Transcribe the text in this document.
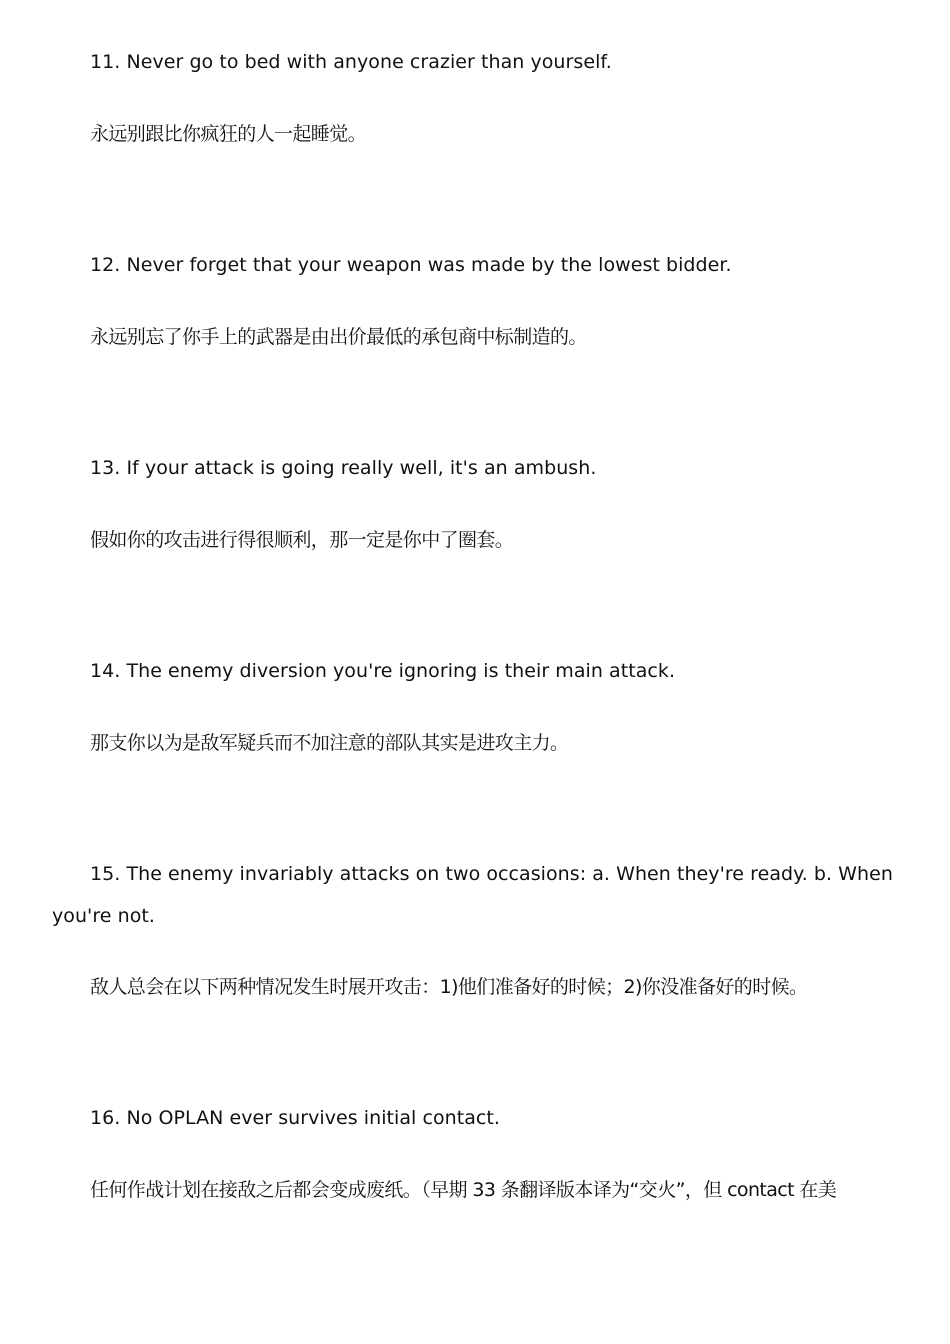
11. Never go to bed with anyone crazier than yourself.

永远别跟比你疯狂的人一起睡觉。

12. Never forget that your weapon was made by the lowest bidder.

永远别忘了你手上的武器是由出价最低的承包商中标制造的。

13. If your attack is going really well, it's an ambush.

假如你的攻击进行得很顺利，那一定是你中了圈套。

14. The enemy diversion you're ignoring is their main attack.

那支你以为是敌军疑兵而不加注意的部队其实是进攻主力。

15. The enemy invariably attacks on two occasions: a. When they're ready. b. When you're not.

敌人总会在以下两种情况发生时展开攻击：1)他们准备好的时候；2)你没准备好的时候。

16. No OPLAN ever survives initial contact.

任何作战计划在接敌之后都会变成废纸。（早期 33 条翻译版本译为“交火”，但 contact 在美
